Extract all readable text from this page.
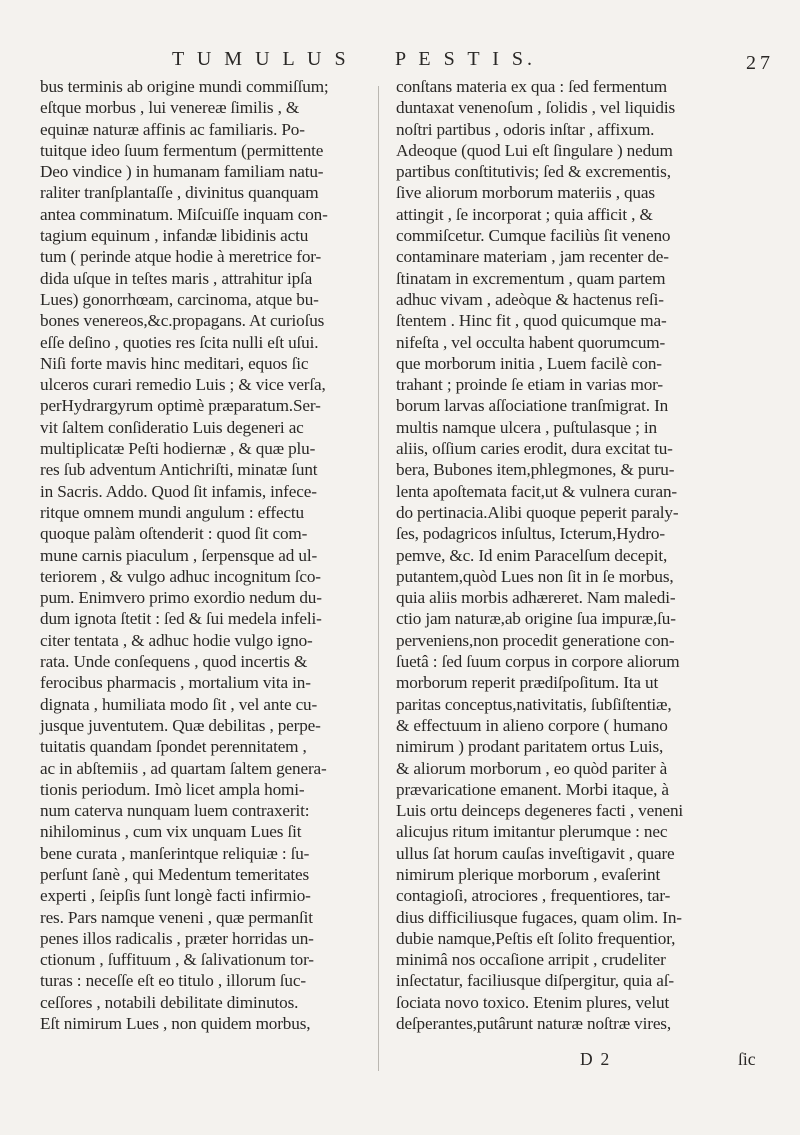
T U M U L U S P E S T I S.	27
bus terminis ab origine mundi commiſſum;
eſtque morbus , lui venereæ ſimilis , &
equinæ naturæ affinis ac familiaris. Po-
tuitque ideo ſuum fermentum (permittente
Deo vindice ) in humanam familiam natu-
raliter tranſplantaſſe , divinitus quanquam
antea comminatum. Miſcuiſſe inquam con-
tagium equinum , infandæ libidinis actu
tum ( perinde atque hodie à meretrice for-
dida uſque in teſtes maris , attrahitur ipſa
Lues) gonorrhœam, carcinoma, atque bu-
bones venereos,&c.propagans. At curioſus
eſſe deſino , quoties res ſcita nulli eſt uſui.
Niſi forte mavis hinc meditari, equos ſic
ulceros curari remedio Luis ; & vice verſa,
perHydrargyrum optimè præparatum.Ser-
vit ſaltem conſideratio Luis degeneri ac
multiplicatæ Peſti hodiernæ , & quæ plu-
res ſub adventum Antichriſti, minatæ ſunt
in Sacris. Addo. Quod ſit infamis, infece-
ritque omnem mundi angulum : effectu
quoque palàm oſtenderit : quod ſit com-
mune carnis piaculum , ſerpensque ad ul-
teriorem , & vulgo adhuc incognitum ſco-
pum. Enimvero primo exordio nedum du-
dum ignota ſtetit : ſed & ſui medela infeli-
citer tentata , & adhuc hodie vulgo igno-
rata. Unde conſequens , quod incertis &
ferocibus pharmacis , mortalium vita in-
dignata , humiliata modo ſit , vel ante cu-
jusque juventutem. Quæ debilitas , perpe-
tuitatis quandam ſpondet perennitatem ,
ac in abſtemiis , ad quartam ſaltem genera-
tionis periodum. Imò licet ampla homi-
num caterva nunquam luem contraxerit:
nihilominus , cum vix unquam Lues ſit
bene curata , manſerintque reliquiæ : ſu-
perſunt ſanè , qui Medentum temeritates
experti , ſeipſis ſunt longè facti infirmio-
res. Pars namque veneni , quæ permanſit
penes illos radicalis , præter horridas un-
ctionum , ſuffituum , & ſalivationum tor-
turas : neceſſe eſt eo titulo , illorum ſuc-
ceſſores , notabili debilitate diminutos.
Eſt nimirum Lues , non quidem morbus,
conſtans materia ex qua : ſed fermentum
duntaxat venenoſum , ſolidis , vel liquidis
noſtri partibus , odoris inſtar , affixum.
Adeoque (quod Lui eſt ſingulare ) nedum
partibus conſtitutivis; ſed & excrementis,
ſive aliorum morborum materiis , quas
attingit , ſe incorporat ; quia afficit , &
commiſcetur. Cumque faciliùs ſit veneno
contaminare materiam , jam recenter de-
ſtinatam in excrementum , quam partem
adhuc vivam , adeòque & hactenus reſi-
ſtentem . Hinc fit , quod quicumque ma-
nifeſta , vel occulta habent quorumcum-
que morborum initia , Luem facilè con-
trahant ; proinde ſe etiam in varias mor-
borum larvas aſſociatione tranſmigrat. In
multis namque ulcera , puſtulasque ; in
aliis, oſſium caries erodit, dura excitat tu-
bera, Bubones item,phlegmones, & puru-
lenta apoſtemata facit,ut & vulnera curan-
do pertinacia.Alibi quoque peperit paraly-
ſes, podagricos inſultus, Icterum,Hydro-
pemve, &c. Id enim Paracelſum decepit,
putantem,quòd Lues non ſit in ſe morbus,
quia aliis morbis adhæreret. Nam maledi-
ctio jam naturæ,ab origine ſua impuræ,ſu-
perveniens,non procedit generatione con-
ſuetâ : ſed ſuum corpus in corpore aliorum
morborum reperit prædiſpoſitum. Ita ut
paritas conceptus,nativitatis, ſubſiſtentiæ,
& effectuum in alieno corpore ( humano
nimirum ) prodant paritatem ortus Luis,
& aliorum morborum , eo quòd pariter à
prævaricatione emanent. Morbi itaque, à
Luis ortu deinceps degeneres facti , veneni
alicujus ritum imitantur plerumque : nec
ullus ſat horum cauſas inveſtigavit , quare
nimirum plerique morborum , evaſerint
contagioſi, atrociores , frequentiores, tar-
dius difficiliusque fugaces, quam olim. In-
dubie namque,Peſtis eſt ſolito frequentior,
minimâ nos occaſione arripit , crudeliter
inſectatur, faciliusque diſpergitur, quia aſ-
ſociata novo toxico. Etenim plures, velut
deſperantes,putârunt naturæ noſtræ vires,
D 2	ſic
